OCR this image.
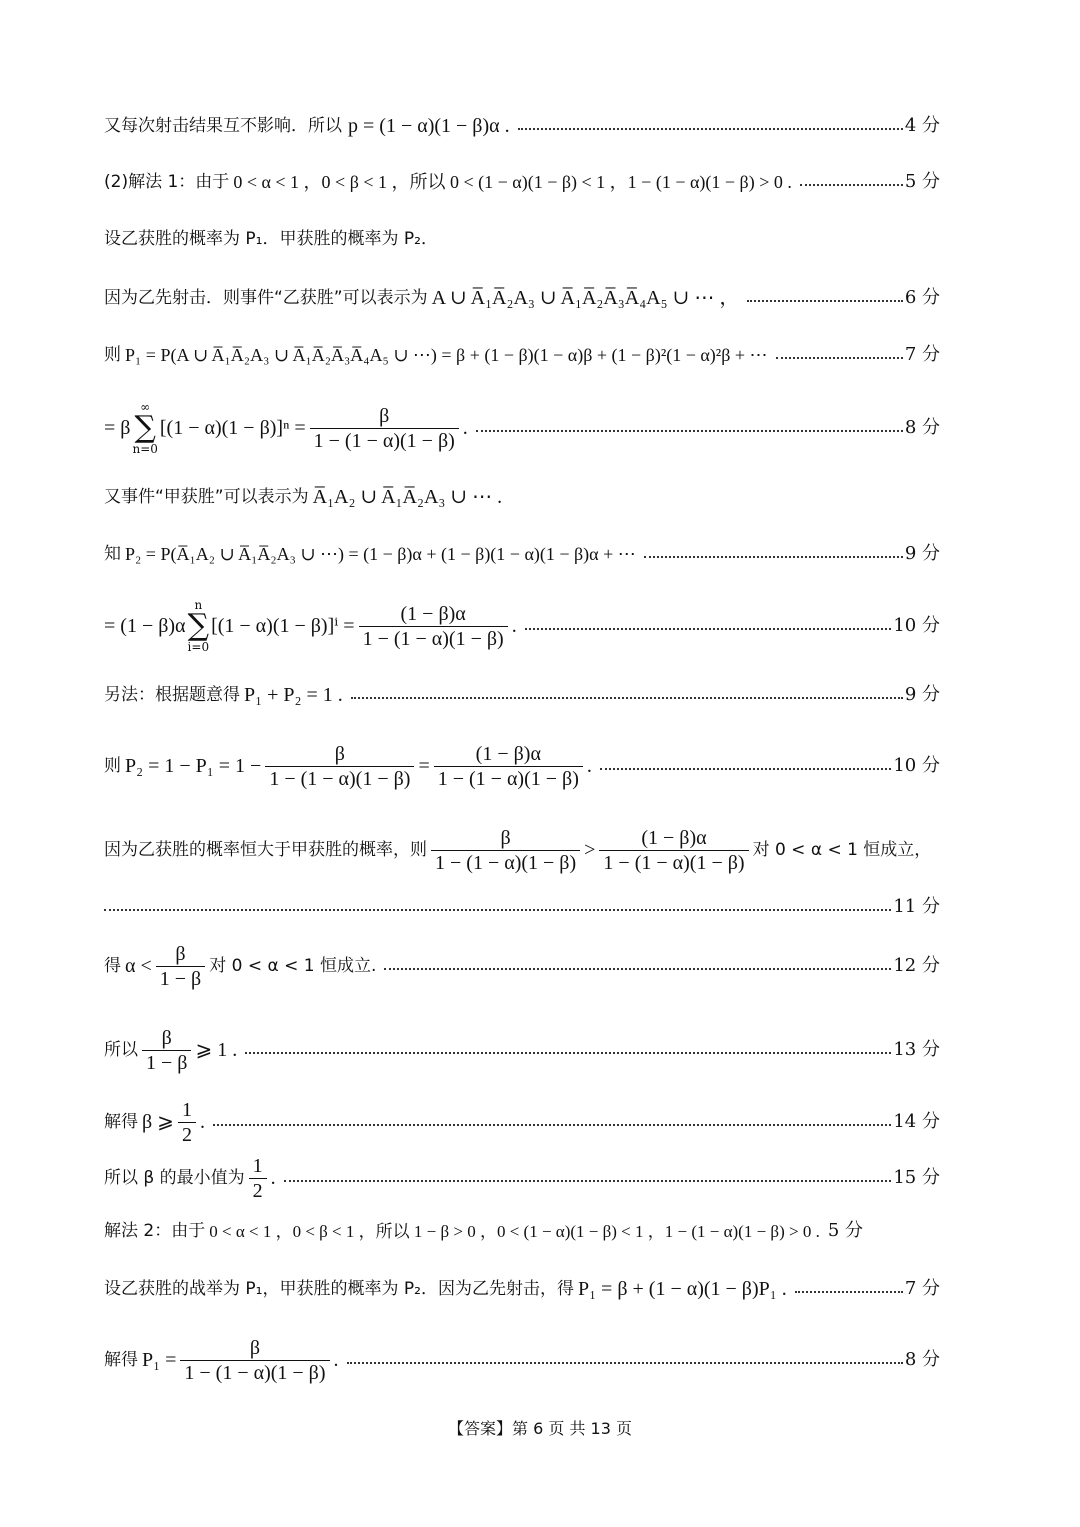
又每次射击结果互不影响．所以 p = (1 − α)(1 − β)α .	4 分
(2)解法 1：由于 0 < α < 1 ，0 < β < 1 ，所以 0 < (1 − α)(1 − β) < 1 ，1 − (1 − α)(1 − β) > 0 .	5 分
设乙获胜的概率为 P₁．甲获胜的概率为 P₂．
因为乙先射击．则事件“乙获胜”可以表示为 A ∪ A̅₁A̅₂A₃ ∪ A̅₁A̅₂A̅₃A̅₄A₅ ∪ ⋯ ，	6 分
则 P₁ = P(A ∪ A̅₁A̅₂A₃ ∪ A̅₁A̅₂A̅₃A̅₄A₅ ∪ ⋯) = β + (1 − β)(1 − α)β + (1 − β)²(1 − α)²β + ⋯	7 分
= β
∞
∑
n=0
$[(1 - \alpha)(1 - \beta)]^n = \frac{\beta}{1 - (1 - \alpha)(1 - \beta)}$ .	8 分
又事件“甲获胜”可以表示为 A̅₁A₂ ∪ A̅₁A̅₂A₃ ∪ ⋯ .
知 P₂ = P(A̅₁A₂ ∪ A̅₁A̅₂A₃ ∪ ⋯) = (1 − β)α + (1 − β)(1 − α)(1 − β)α + ⋯	9 分
= (1 − β)α
n
∑
i=0
$[(1 - \alpha)(1 - \beta)]^i = \frac{(1 - \beta)\alpha}{1 - (1 - \alpha)(1 - \beta)}$ .	10 分
另法：根据题意得 P₁ + P₂ = 1 .	9 分
则 $P_2 = 1 - P_1 = 1 - \frac{\beta}{1 - (1 - \alpha)(1 - \beta)} = \frac{(1 - \beta)\alpha}{1 - (1 - \alpha)(1 - \beta)}$ .	10 分
因为乙获胜的概率恒大于甲获胜的概率，则 $\frac{\beta}{1 - (1 - \alpha)(1 - \beta)} > \frac{(1 - \beta)\alpha}{1 - (1 - \alpha)(1 - \beta)}$ 对 0 < α < 1 恒成立，
11 分
得 $\alpha < \frac{\beta}{1 - \beta}$ 对 0 < α < 1 恒成立.	12 分
所以 $\frac{\beta}{1 - \beta}$ ⩾ 1 .	13 分
解得 β ⩾ $\frac{1}{2}$ .	14 分
所以 β 的最小值为 $\frac{1}{2}$ .	15 分
解法 2：由于 0 < α < 1 ，0 < β < 1 ，所以 1 − β > 0 ，0 < (1 − α)(1 − β) < 1 ，1 − (1 − α)(1 − β) > 0 . 5 分
设乙获胜的战举为 P₁，甲获胜的概率为 P₂．因为乙先射击，得 P₁ = β + (1 − α)(1 − β)P₁ .	7 分
解得 $P_1 = \frac{\beta}{1 - (1 - \alpha)(1 - \beta)}$ .	8 分
【答案】第 6 页 共 13 页
